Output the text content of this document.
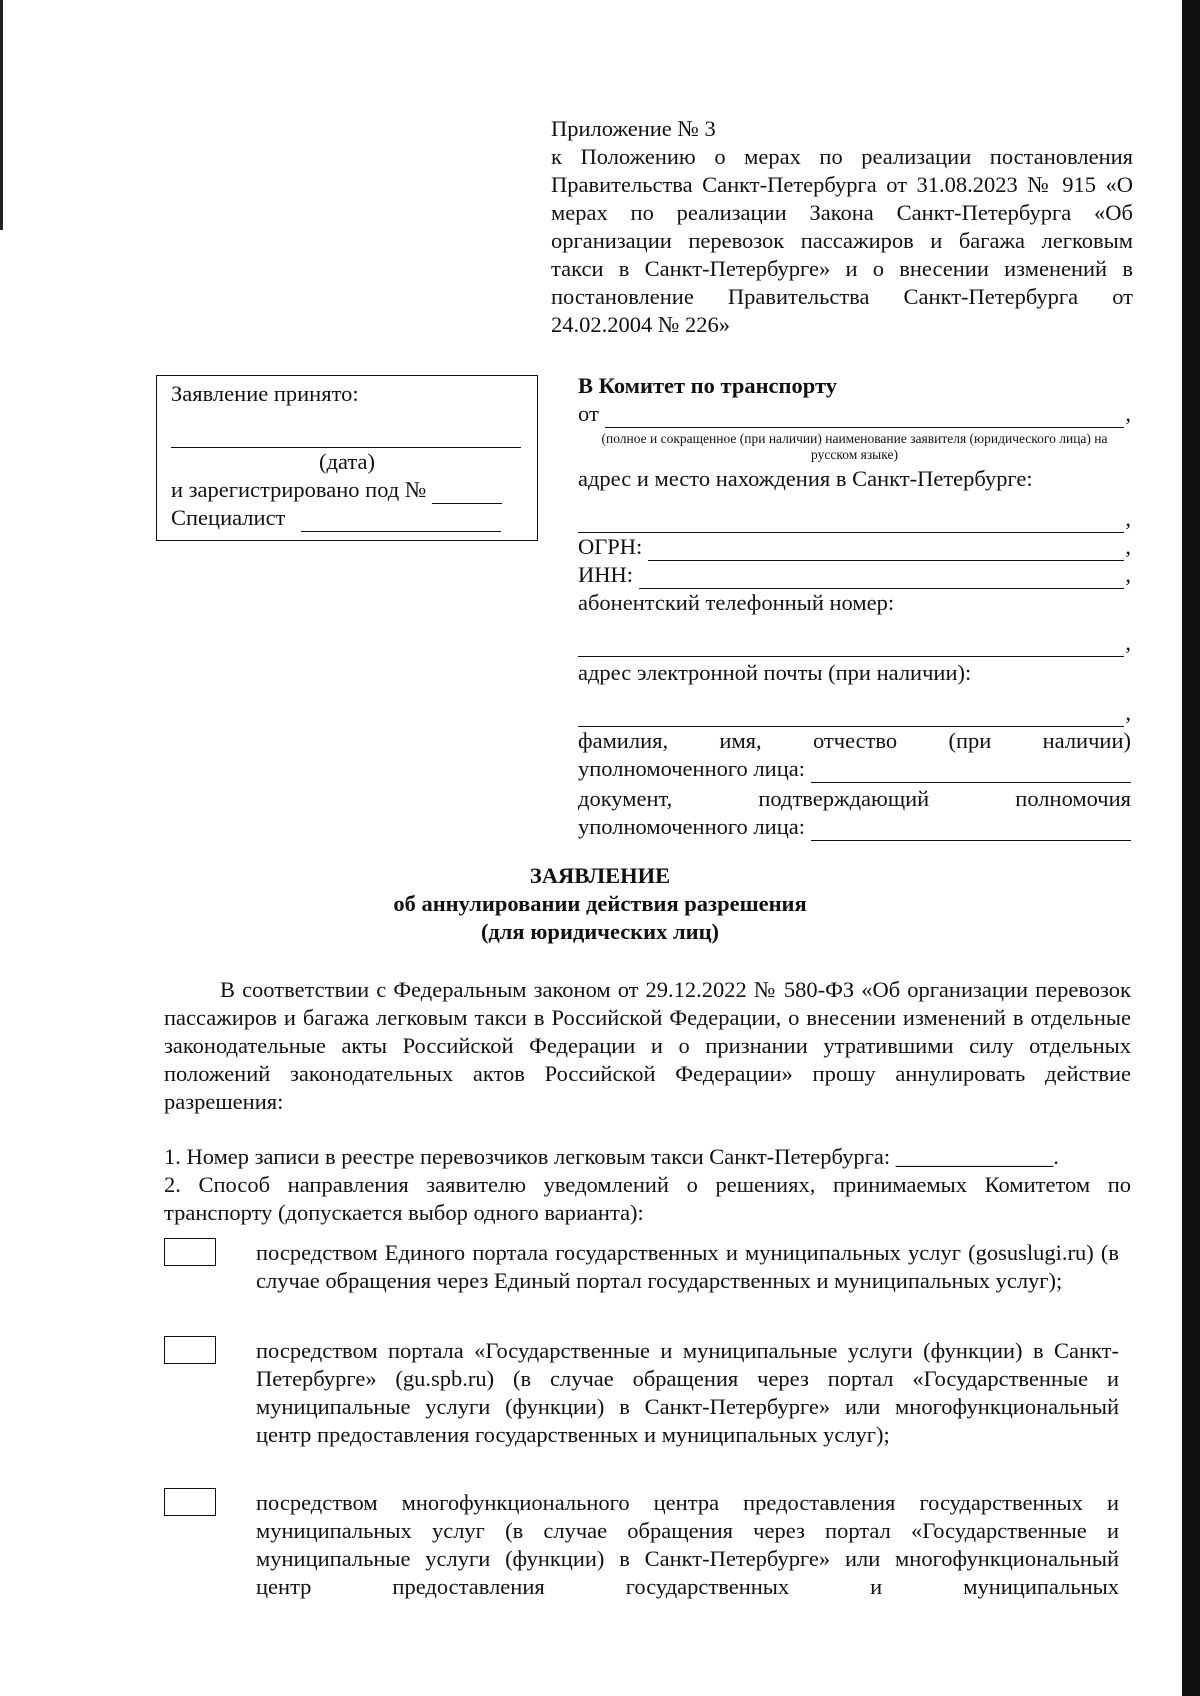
Приложение № 3
к Положению о мерах по реализации постановления Правительства Санкт-Петербурга от 31.08.2023 № 915 «О мерах по реализации Закона Санкт-Петербурга «Об организации перевозок пассажиров и багажа легковым такси в Санкт-Петербурге» и о внесении изменений в постановление Правительства Санкт-Петербурга от 24.02.2004 № 226»
Заявление принято:
(дата)
и зарегистрировано под №
Специалист
В Комитет по транспорту
от	,
(полное и сокращенное (при наличии) наименование заявителя (юридического лица) на русском языке)
адрес и место нахождения в Санкт-Петербурге:
,
ОГРН:	,
ИНН:	,
абонентский телефонный номер:
,
адрес электронной почты (при наличии):
,
фамилия, имя, отчество (при наличии)
уполномоченного лица:
документ, подтверждающий полномочия
уполномоченного лица:
ЗАЯВЛЕНИЕ
об аннулировании действия разрешения
(для юридических лиц)
В соответствии с Федеральным законом от 29.12.2022 № 580-ФЗ «Об организации перевозок пассажиров и багажа легковым такси в Российской Федерации, о внесении изменений в отдельные законодательные акты Российской Федерации и о признании утратившими силу отдельных положений законодательных актов Российской Федерации» прошу аннулировать действие разрешения:
1. Номер записи в реестре перевозчиков легковым такси Санкт-Петербурга: ______________.
2. Способ направления заявителю уведомлений о решениях, принимаемых Комитетом по транспорту (допускается выбор одного варианта):
посредством Единого портала государственных и муниципальных услуг (gosuslugi.ru) (в случае обращения через Единый портал государственных и муниципальных услуг);
посредством портала «Государственные и муниципальные услуги (функции) в Санкт-Петербурге» (gu.spb.ru) (в случае обращения через портал «Государственные и муниципальные услуги (функции) в Санкт-Петербурге» или многофункциональный центр предоставления государственных и муниципальных услуг);
посредством многофункционального центра предоставления государственных и муниципальных услуг (в случае обращения через портал «Государственные и муниципальные услуги (функции) в Санкт-Петербурге» или многофункциональный центр предоставления государственных и муниципальных
